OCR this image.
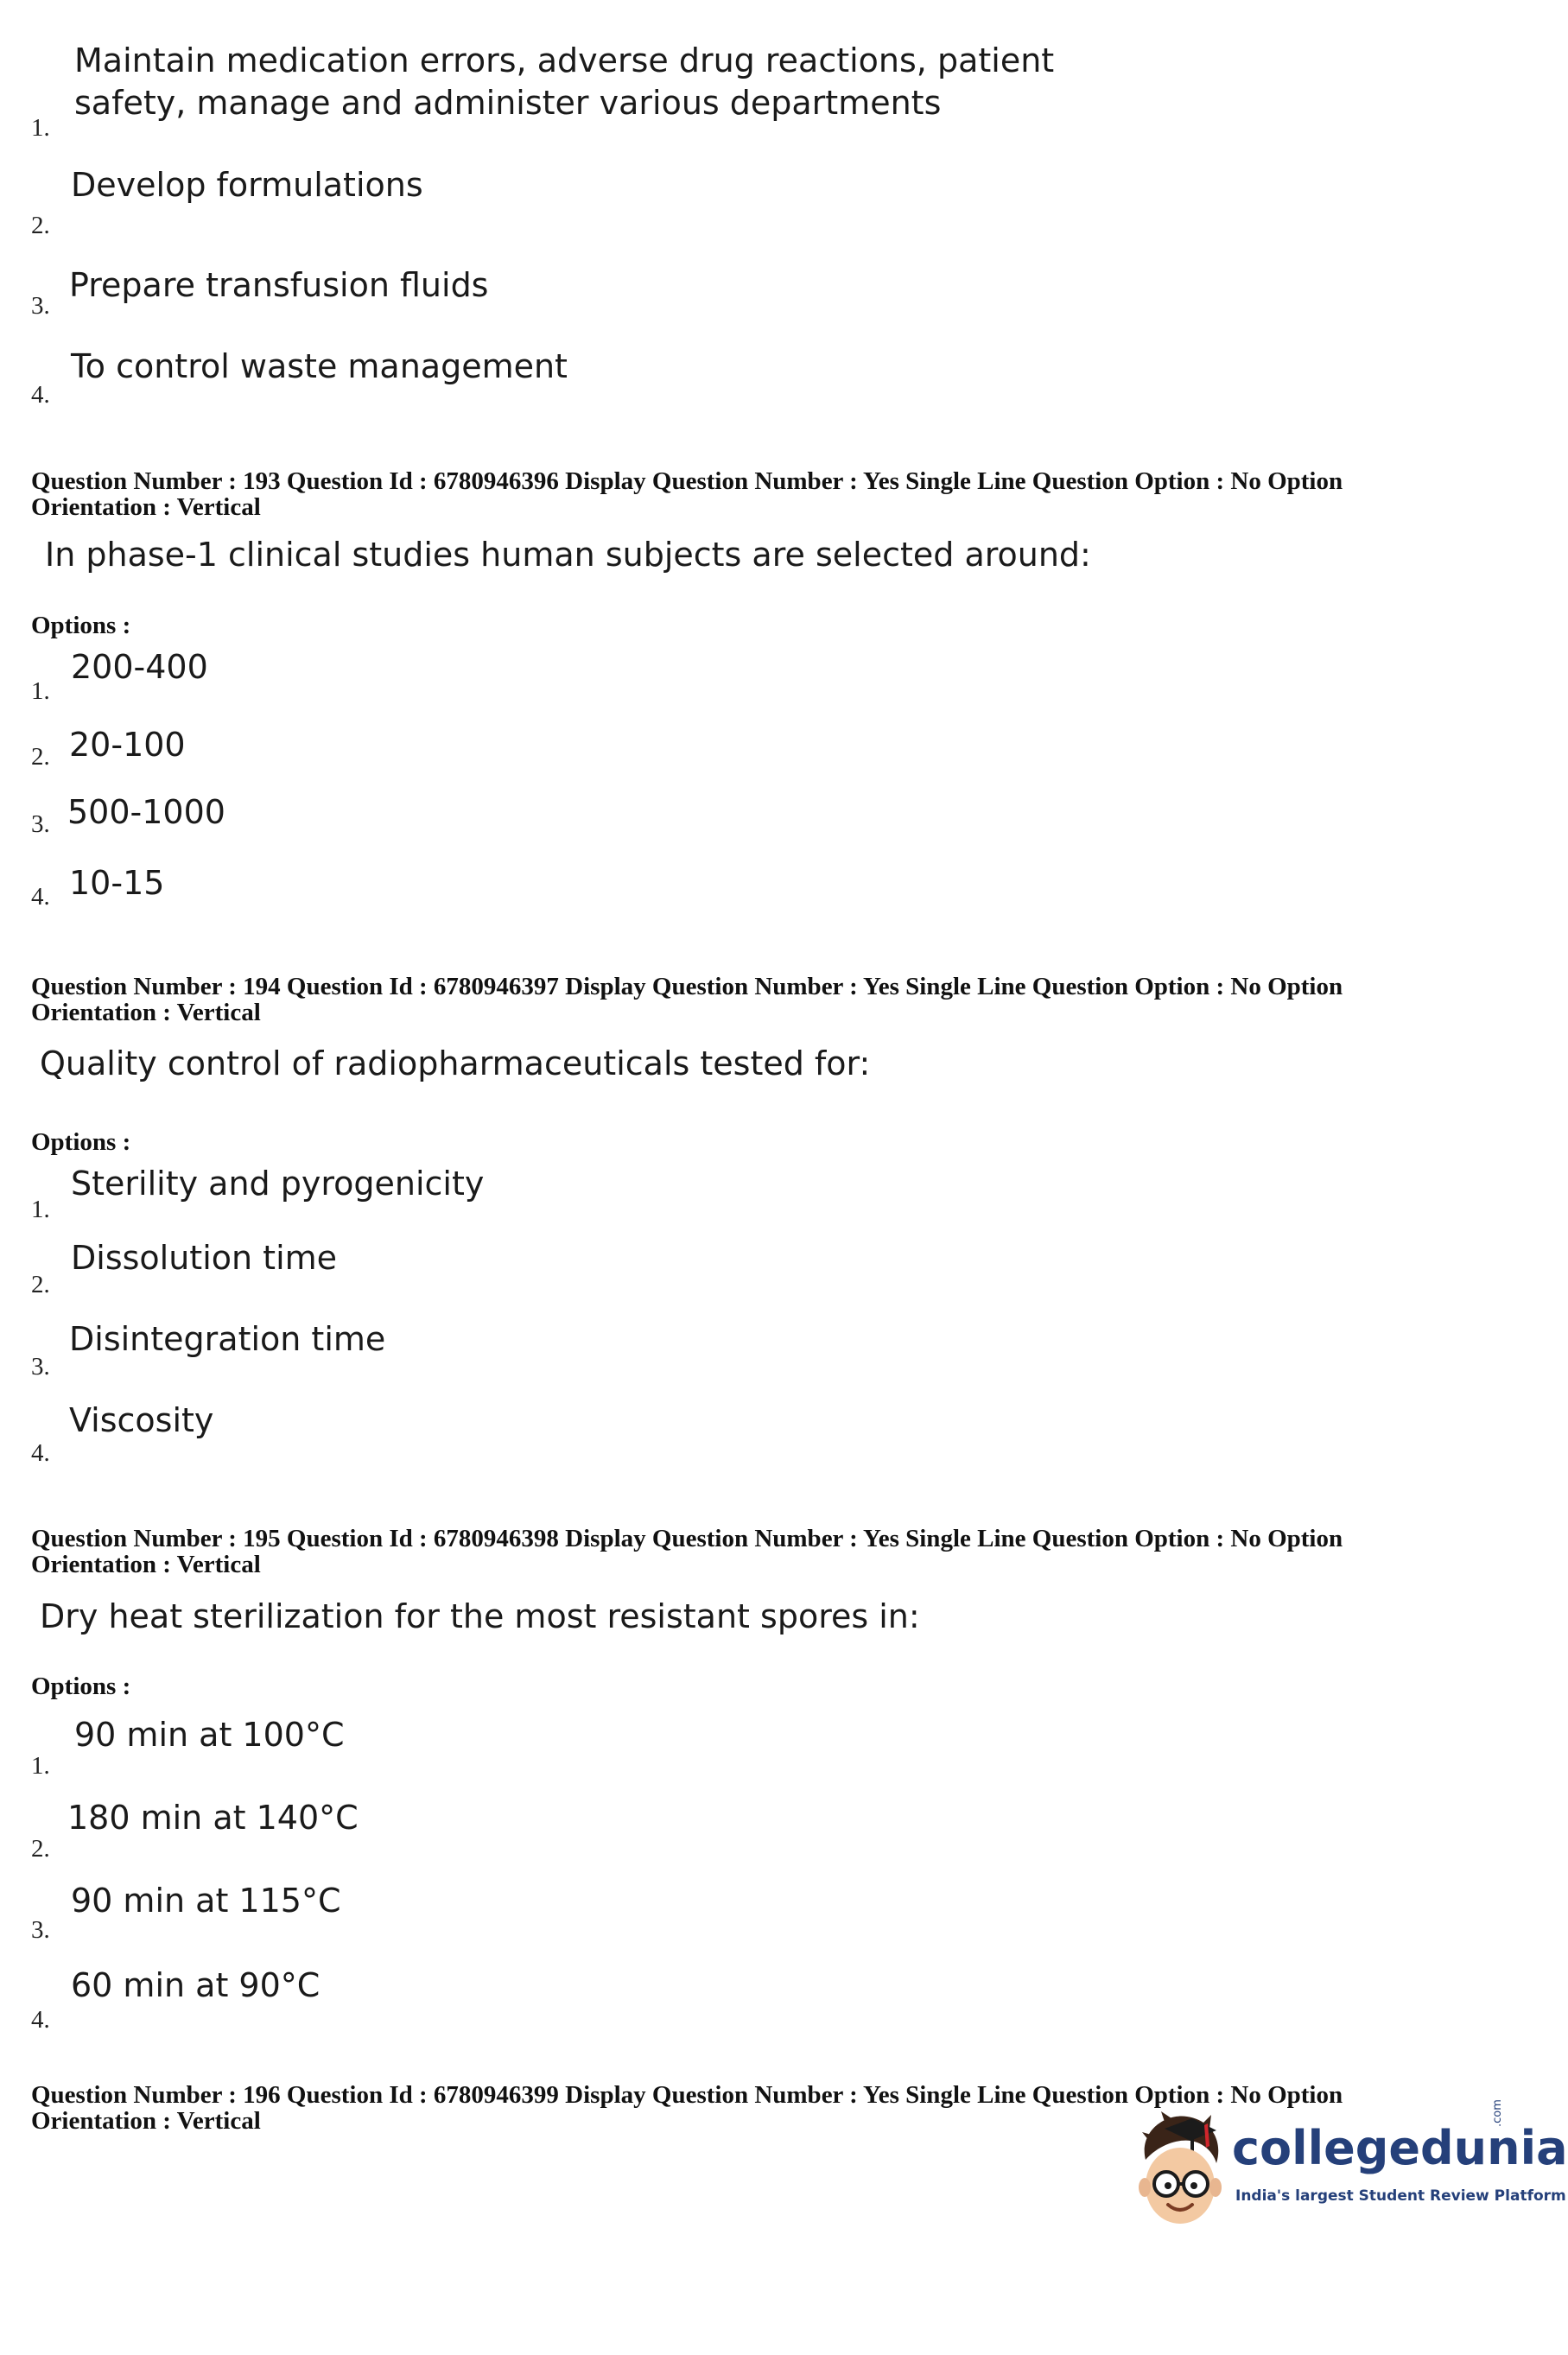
Maintain medication errors, adverse drug reactions, patient
safety, manage and administer various departments
1.
Develop formulations
2.
Prepare transfusion fluids
3.
To control waste management
4.
Question Number : 193 Question Id : 6780946396 Display Question Number : Yes Single Line Question Option : No Option
Orientation : Vertical
In phase-1 clinical studies human subjects are selected around:
Options :
200-400
1.
20-100
2.
500-1000
3.
10-15
4.
Question Number : 194 Question Id : 6780946397 Display Question Number : Yes Single Line Question Option : No Option
Orientation : Vertical
Quality control of radiopharmaceuticals tested for:
Options :
Sterility and pyrogenicity
1.
Dissolution time
2.
Disintegration time
3.
Viscosity
4.
Question Number : 195 Question Id : 6780946398 Display Question Number : Yes Single Line Question Option : No Option
Orientation : Vertical
Dry heat sterilization for the most resistant spores in:
Options :
90 min at 100°C
1.
180 min at 140°C
2.
90 min at 115°C
3.
60 min at 90°C
4.
Question Number : 196 Question Id : 6780946399 Display Question Number : Yes Single Line Question Option : No Option
Orientation : Vertical	collegedunia
.com
India's largest Student Review Platform
